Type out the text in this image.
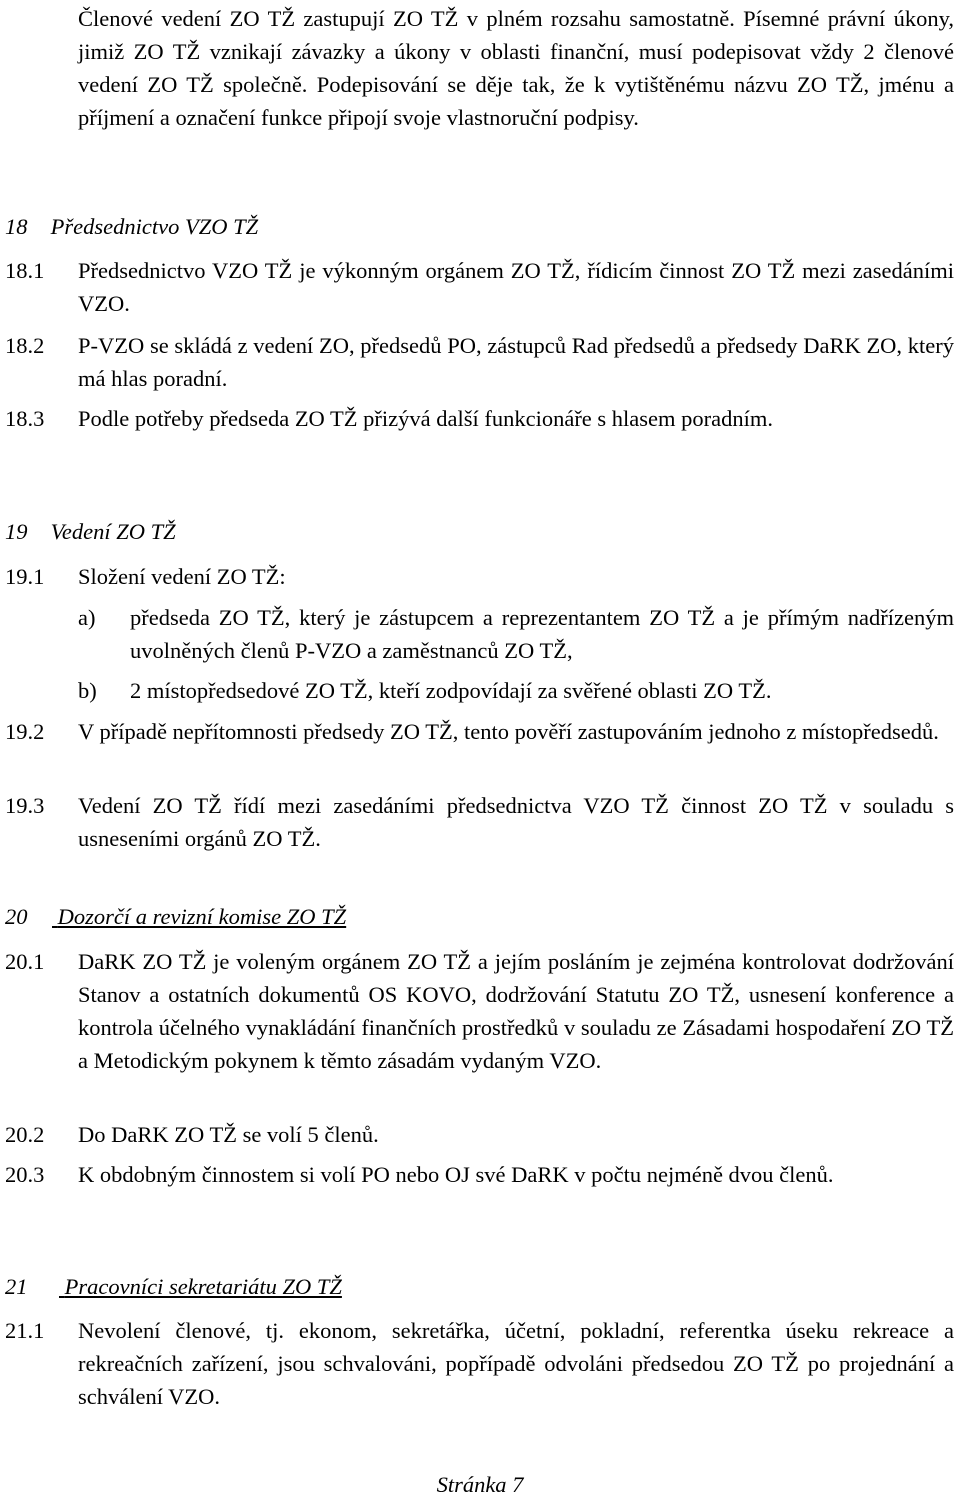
Členové vedení ZO TŽ zastupují ZO TŽ v plném rozsahu samostatně. Písemné právní úkony, jimiž ZO TŽ vznikají závazky a úkony v oblasti finanční, musí podepisovat vždy 2 členové vedení ZO TŽ společně. Podepisování se děje tak, že k vytištěnému názvu ZO TŽ, jménu a příjmení a označení funkce připojí svoje vlastnoruční podpisy.

18 Předsednictvo VZO TŽ
18.1 Předsednictvo VZO TŽ je výkonným orgánem ZO TŽ, řídicím činnost ZO TŽ mezi zasedáními VZO.
18.2 P-VZO se skládá z vedení ZO, předsedů PO, zástupců Rad předsedů a předsedy DaRK ZO, který má hlas poradní.
18.3 Podle potřeby předseda ZO TŽ přizývá další funkcionáře s hlasem poradním.
19 Vedení ZO TŽ
19.1 Složení vedení ZO TŽ:
a) předseda ZO TŽ, který je zástupcem a reprezentantem ZO TŽ a je přímým nadřízeným uvolněných členů P-VZO a zaměstnanců ZO TŽ,
b) 2 místopředsedové ZO TŽ, kteří zodpovídají za svěřené oblasti ZO TŽ.
19.2 V případě nepřítomnosti předsedy ZO TŽ, tento pověří zastupováním jednoho z místopředsedů.
19.3 Vedení ZO TŽ řídí mezi zasedáními předsednictva VZO TŽ činnost ZO TŽ v souladu s usneseními orgánů ZO TŽ.
20 Dozorčí a revizní komise ZO TŽ
20.1 DaRK ZO TŽ je voleným orgánem ZO TŽ a jejím posláním je zejména kontrolovat dodržování Stanov a ostatních dokumentů OS KOVO, dodržování Statutu ZO TŽ, usnesení konference a kontrola účelného vynakládání finančních prostředků v souladu ze Zásadami hospodaření ZO TŽ a Metodickým pokynem k těmto zásadám vydaným VZO.
20.2 Do DaRK ZO TŽ se volí 5 členů.
20.3 K obdobným činnostem si volí PO nebo OJ své DaRK v počtu nejméně dvou členů.
21 Pracovníci sekretariátu ZO TŽ
21.1 Nevolení členové, tj. ekonom, sekretářka, účetní, pokladní, referentka úseku rekreace a rekreačních zařízení, jsou schvalováni, popřípadě odvoláni předsedou ZO TŽ po projednání a schválení VZO.
Stránka 7
